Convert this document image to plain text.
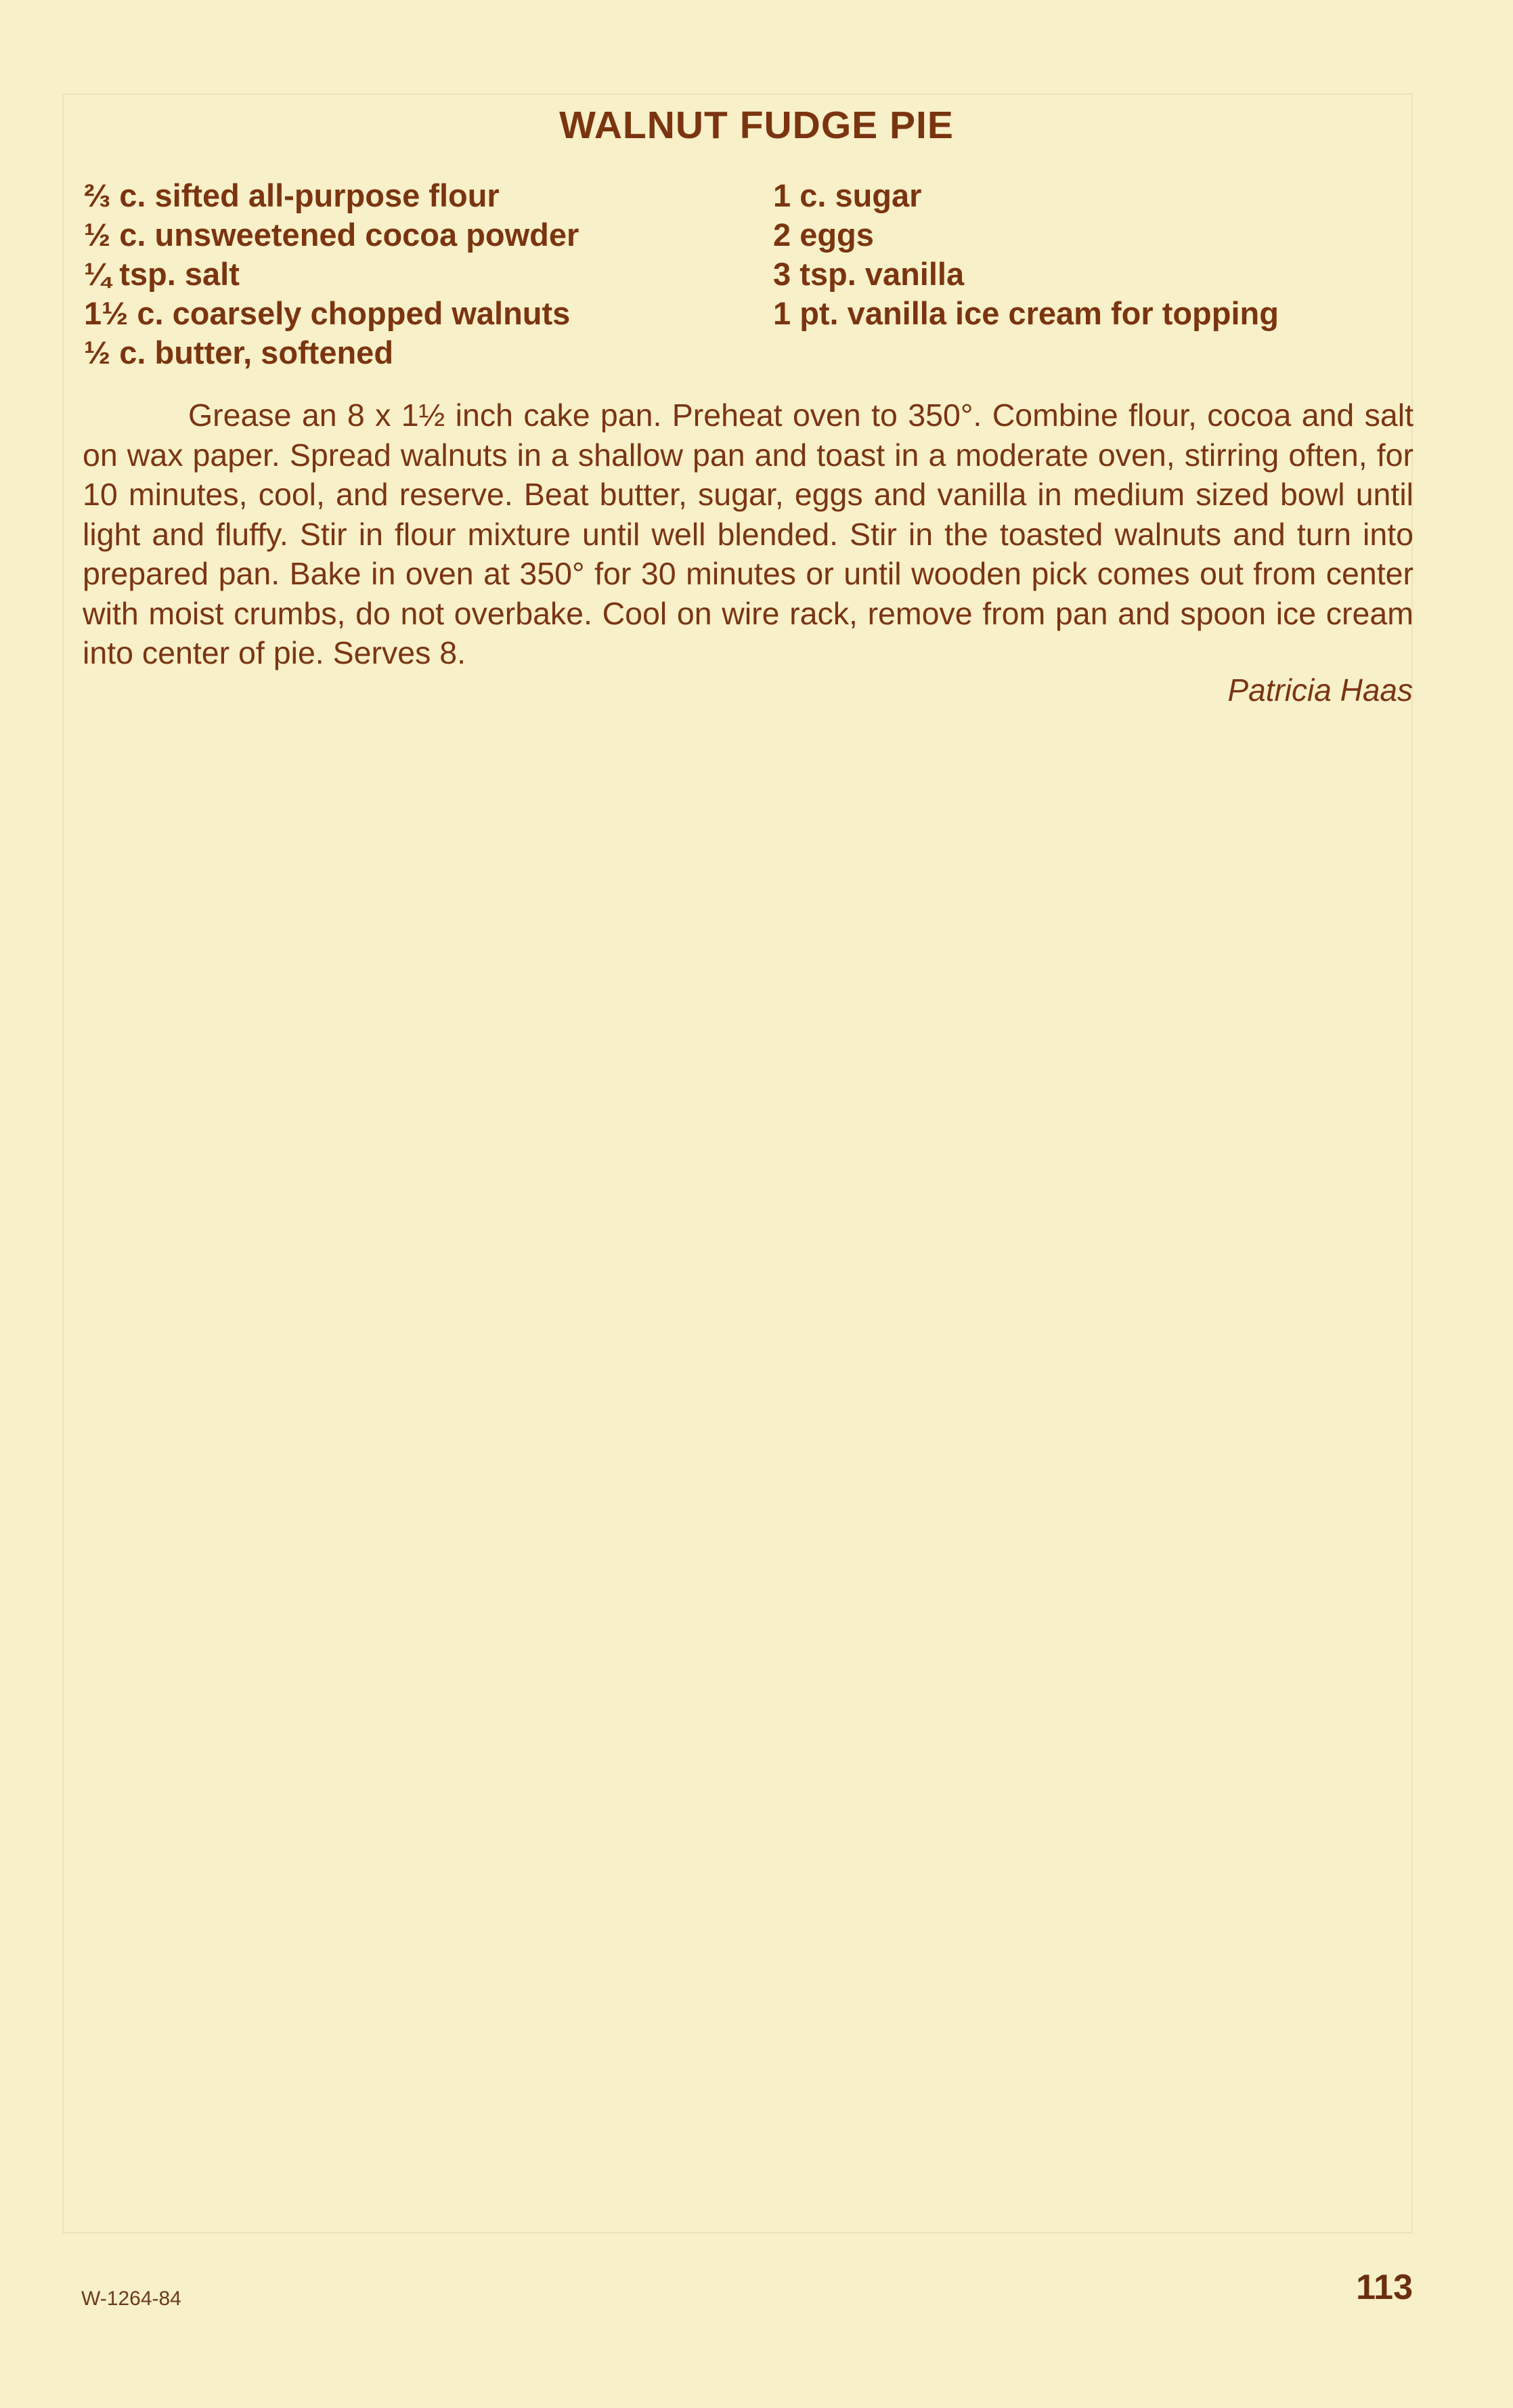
WALNUT FUDGE PIE
⅔ c. sifted all-purpose flour
½ c. unsweetened cocoa powder
¼ tsp. salt
1½ c. coarsely chopped walnuts
½ c. butter, softened
1 c. sugar
2 eggs
3 tsp. vanilla
1 pt. vanilla ice cream for topping

Grease an 8 x 1½ inch cake pan. Preheat oven to 350°. Combine flour, cocoa and salt on wax paper. Spread walnuts in a shallow pan and toast in a moderate oven, stirring often, for 10 minutes, cool, and reserve. Beat butter, sugar, eggs and vanilla in medium sized bowl until light and fluffy. Stir in flour mixture until well blended. Stir in the toasted walnuts and turn into prepared pan. Bake in oven at 350° for 30 minutes or until wooden pick comes out from center with moist crumbs, do not overbake. Cool on wire rack, remove from pan and spoon ice cream into center of pie. Serves 8.

Patricia Haas
W-1264-84	113
